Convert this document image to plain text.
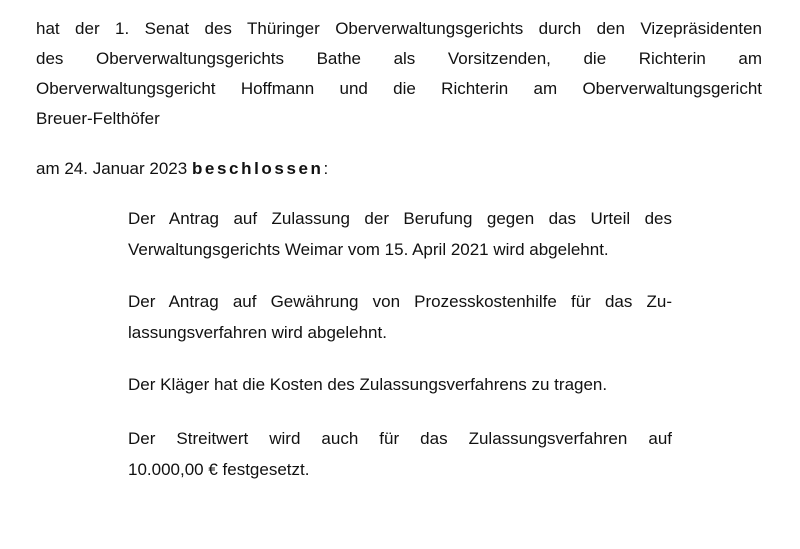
hat der 1. Senat des Thüringer Oberverwaltungsgerichts durch den Vizepräsidenten
des Oberverwaltungsgerichts Bathe als Vorsitzenden, die Richterin am
Oberverwaltungsgericht Hoffmann und die Richterin am Oberverwaltungsgericht
Breuer-Felthöfer

am 24. Januar 2023 beschlossen:

Der Antrag auf Zulassung der Berufung gegen das Urteil des
Verwaltungsgerichts Weimar vom 15. April 2021 wird abgelehnt.
Der Antrag auf Gewährung von Prozesskostenhilfe für das Zu-
lassungsverfahren wird abgelehnt.
Der Kläger hat die Kosten des Zulassungsverfahrens zu tragen.
Der Streitwert wird auch für das Zulassungsverfahren auf
10.000,00 € festgesetzt.
